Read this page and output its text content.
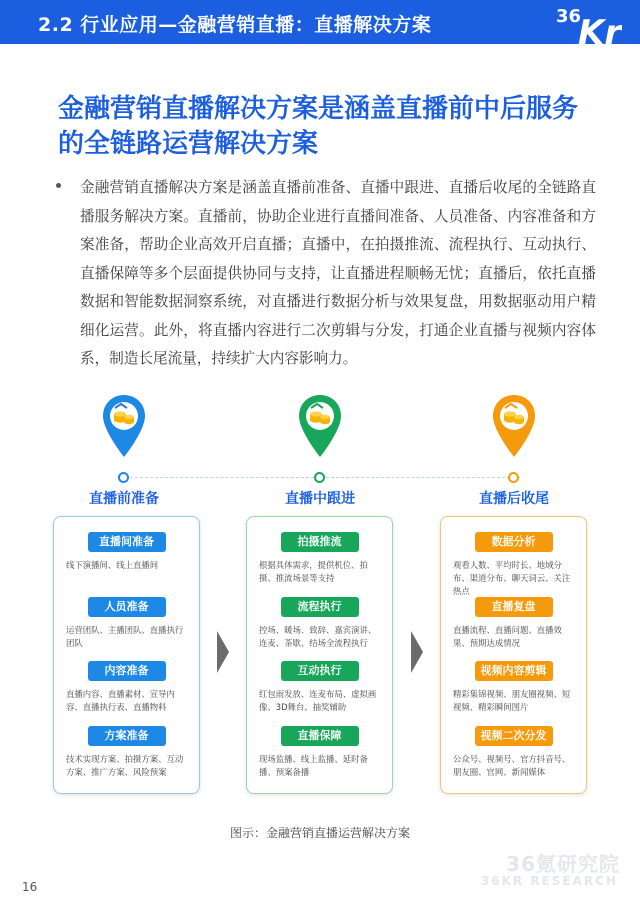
2.2 行业应用—金融营销直播：直播解决方案	36
Kr
金融营销直播解决方案是涵盖直播前中后服务
的全链路运营解决方案
金融营销直播解决方案是涵盖直播前准备、直播中跟进、直播后收尾的全链路直播服务解决方案。直播前，协助企业进行直播间准备、人员准备、内容准备和方案准备，帮助企业高效开启直播；直播中，在拍摄推流、流程执行、互动执行、直播保障等多个层面提供协同与支持，让直播进程顺畅无忧；直播后，依托直播数据和智能数据洞察系统，对直播进行数据分析与效果复盘，用数据驱动用户精细化运营。此外，将直播内容进行二次剪辑与分发，打通企业直播与视频内容体系，制造长尾流量，持续扩大内容影响力。
直播前准备	直播中跟进	直播后收尾
直播间准备
线下演播间、线上直播间
人员准备
运营团队、主播团队、直播执行团队
内容准备
直播内容、直播素材、宣导内容、直播执行表、直播物料
方案准备
技术实现方案、拍摄方案、互动方案、推广方案、风险预案
拍摄推流
根据具体需求，提供机位、拍摄、推流场景等支持
流程执行
控场、暖场、致辞、嘉宾演讲、连麦、茶歇、结场全流程执行
互动执行
红包雨发放、连麦布局、虚拟画像、3D舞台、抽奖辅助
直播保障
现场监播、线上监播、延时备播、预案备播
数据分析
观看人数、平均时长、地域分布、渠道分布、聊天词云、关注热点
直播复盘
直播流程、直播问题、直播效果、预期达成情况
视频内容剪辑
精彩集锦视频、朋友圈视频、短视频、精彩瞬间图片
视频二次分发
公众号、视频号、官方抖音号、朋友圈、官网、新闻媒体
图示：金融营销直播运营解决方案
16
36氪研究院
36KR RESEARCH
